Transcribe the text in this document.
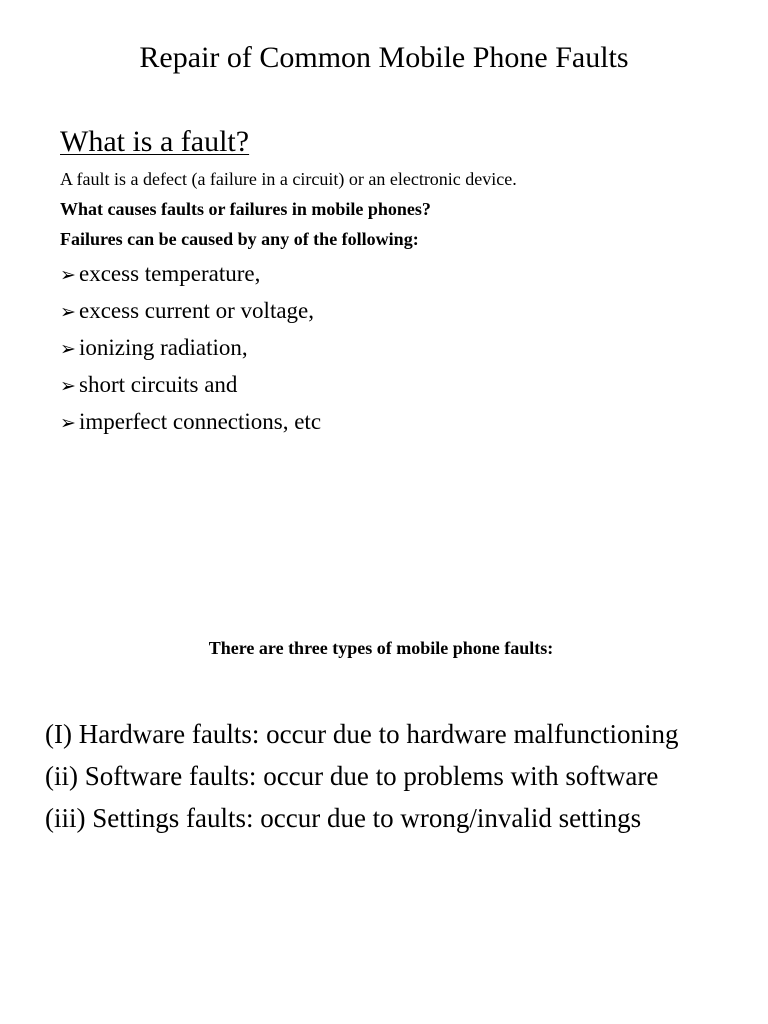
Repair of Common Mobile Phone Faults
What is a fault?
A fault is a defect (a failure in a circuit) or an electronic device.
What causes faults or failures in mobile phones?
Failures can be caused by any of the following:
➢ excess temperature,
➢ excess current or voltage,
➢ ionizing radiation,
➢ short circuits and
➢ imperfect connections, etc
There are three types of mobile phone faults:
(I) Hardware faults: occur due to hardware malfunctioning
(ii) Software faults: occur due to problems with software
(iii) Settings faults: occur due to wrong/invalid settings
